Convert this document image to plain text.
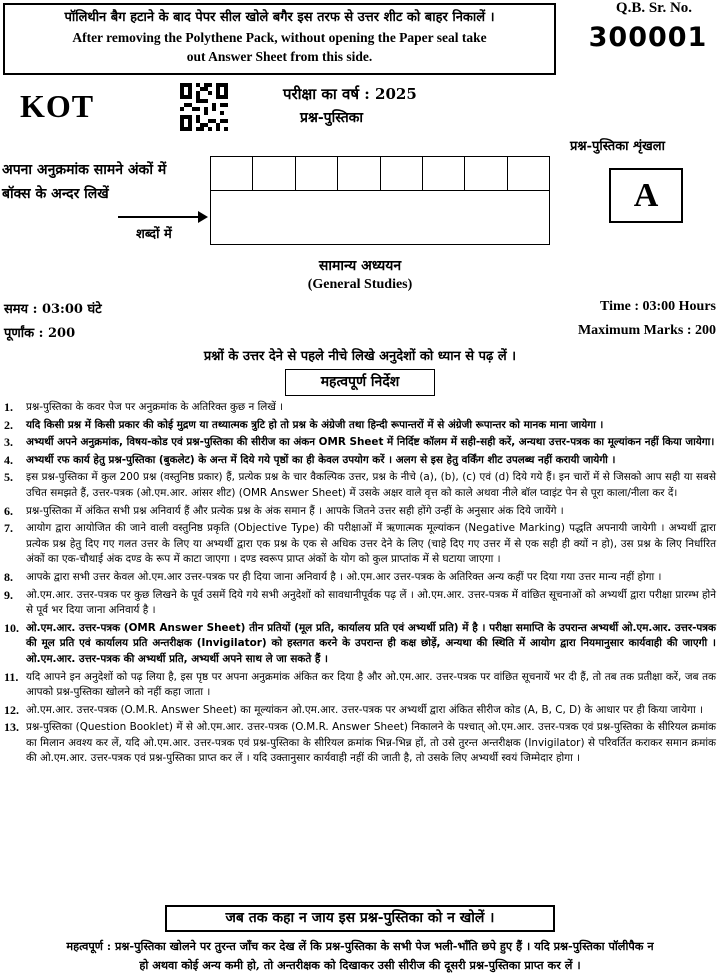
पॉलिथीन बैग हटाने के बाद पेपर सील खोले बगैर इस तरफ से उत्तर शीट को बाहर निकालें ।
After removing the Polythene Pack, without opening the Paper seal take
out Answer Sheet from this side.
Q.B. Sr. No.
300001
KOT	परीक्षा का वर्ष : 2025
प्रश्न-पुस्तिका
प्रश्न-पुस्तिका शृंखला
A
अपना अनुक्रमांक सामने अंकों में
बॉक्स के अन्दर लिखें
शब्दों में
सामान्य अध्ययन
(General Studies)
समय : 03:00 घंटे
पूर्णांक : 200
Time : 03:00 Hours
Maximum Marks : 200
प्रश्नों के उत्तर देने से पहले नीचे लिखे अनुदेशों को ध्यान से पढ़ लें ।
महत्वपूर्ण निर्देश
1.	प्रश्न-पुस्तिका के कवर पेज पर अनुक्रमांक के अतिरिक्त कुछ न लिखें ।
2.	यदि किसी प्रश्न में किसी प्रकार की कोई मुद्रण या तथ्यात्मक त्रुटि हो तो प्रश्न के अंग्रेजी तथा हिन्दी रूपान्तरों में से अंग्रेजी रूपान्तर को मानक माना जायेगा ।
3.	अभ्यर्थी अपने अनुक्रमांक, विषय-कोड एवं प्रश्न-पुस्तिका की सीरीज का अंकन OMR Sheet में निर्दिष्ट कॉलम में सही-सही करें, अन्यथा उत्तर-पत्रक का मूल्यांकन नहीं किया जायेगा।
4.	अभ्यर्थी रफ कार्य हेतु प्रश्न-पुस्तिका (बुकलेट) के अन्त में दिये गये पृष्ठों का ही केवल उपयोग करें । अलग से इस हेतु वर्किंग शीट उपलब्ध नहीं करायी जायेगी ।
5.	इस प्रश्न-पुस्तिका में कुल 200 प्रश्न (वस्तुनिष्ठ प्रकार) हैं, प्रत्येक प्रश्न के चार वैकल्पिक उत्तर, प्रश्न के नीचे (a), (b), (c) एवं (d) दिये गये हैं। इन चारों में से जिसको आप सही या सबसे उचित समझते हैं, उत्तर-पत्रक (ओ.एम.आर. आंसर शीट) (OMR Answer Sheet) में उसके अक्षर वाले वृत्त को काले अथवा नीले बॉल प्वाइंट पेन से पूरा काला/नीला कर दें।
6.	प्रश्न-पुस्तिका में अंकित सभी प्रश्न अनिवार्य हैं और प्रत्येक प्रश्न के अंक समान हैं । आपके जितने उत्तर सही होंगे उन्हीं के अनुसार अंक दिये जायेंगे ।
7.	आयोग द्वारा आयोजित की जाने वाली वस्तुनिष्ठ प्रकृति (Objective Type) की परीक्षाओं में ऋणात्मक मूल्यांकन (Negative Marking) पद्धति अपनायी जायेगी । अभ्यर्थी द्वारा प्रत्येक प्रश्न हेतु दिए गए गलत उत्तर के लिए या अभ्यर्थी द्वारा एक प्रश्न के एक से अधिक उत्तर देने के लिए (चाहे दिए गए उत्तर में से एक सही ही क्यों न हो), उस प्रश्न के लिए निर्धारित अंकों का एक-चौथाई अंक दण्ड के रूप में काटा जाएगा । दण्ड स्वरूप प्राप्त अंकों के योग को कुल प्राप्तांक में से घटाया जाएगा ।
8.	आपके द्वारा सभी उत्तर केवल ओ.एम.आर उत्तर-पत्रक पर ही दिया जाना अनिवार्य है । ओ.एम.आर उत्तर-पत्रक के अतिरिक्त अन्य कहीं पर दिया गया उत्तर मान्य नहीं होगा ।
9.	ओ.एम.आर. उत्तर-पत्रक पर कुछ लिखने के पूर्व उसमें दिये गये सभी अनुदेशों को सावधानीपूर्वक पढ़ लें । ओ.एम.आर. उत्तर-पत्रक में वांछित सूचनाओं को अभ्यर्थी द्वारा परीक्षा प्रारम्भ होने से पूर्व भर दिया जाना अनिवार्य है ।
10. ओ.एम.आर. उत्तर-पत्रक (OMR Answer Sheet) तीन प्रतियों (मूल प्रति, कार्यालय प्रति एवं अभ्यर्थी प्रति) में है । परीक्षा समाप्ति के उपरान्त अभ्यर्थी ओ.एम.आर. उत्तर-पत्रक की मूल प्रति एवं कार्यालय प्रति अन्तरीक्षक (Invigilator) को हस्तगत करने के उपरान्त ही कक्ष छोड़ें, अन्यथा की स्थिति में आयोग द्वारा नियमानुसार कार्यवाही की जाएगी । ओ.एम.आर. उत्तर-पत्रक की अभ्यर्थी प्रति, अभ्यर्थी अपने साथ ले जा सकते हैं ।
11. यदि आपने इन अनुदेशों को पढ़ लिया है, इस पृष्ठ पर अपना अनुक्रमांक अंकित कर दिया है और ओ.एम.आर. उत्तर-पत्रक पर वांछित सूचनायें भर दी हैं, तो तब तक प्रतीक्षा करें, जब तक आपको प्रश्न-पुस्तिका खोलने को नहीं कहा जाता ।
12. ओ.एम.आर. उत्तर-पत्रक (O.M.R. Answer Sheet) का मूल्यांकन ओ.एम.आर. उत्तर-पत्रक पर अभ्यर्थी द्वारा अंकित सीरीज कोड (A, B, C, D) के आधार पर ही किया जायेगा ।
13. प्रश्न-पुस्तिका (Question Booklet) में से ओ.एम.आर. उत्तर-पत्रक (O.M.R. Answer Sheet) निकालने के पश्चात् ओ.एम.आर. उत्तर-पत्रक एवं प्रश्न-पुस्तिका के सीरियल क्रमांक का मिलान अवश्य कर लें, यदि ओ.एम.आर. उत्तर-पत्रक एवं प्रश्न-पुस्तिका के सीरियल क्रमांक भिन्न-भिन्न हों, तो उसे तुरन्त अन्तरीक्षक (Invigilator) से परिवर्तित कराकर समान क्रमांक की ओ.एम.आर. उत्तर-पत्रक एवं प्रश्न-पुस्तिका प्राप्त कर लें । यदि उक्तानुसार कार्यवाही नहीं की जाती है, तो उसके लिए अभ्यर्थी स्वयं जिम्मेदार होगा ।
जब तक कहा न जाय इस प्रश्न-पुस्तिका को न खोलें ।
महत्वपूर्ण : प्रश्न-पुस्तिका खोलने पर तुरन्त जाँच कर देख लें कि प्रश्न-पुस्तिका के सभी पेज भली-भाँति छपे हुए हैं । यदि प्रश्न-पुस्तिका पॉलीपैक न
हो अथवा कोई अन्य कमी हो, तो अन्तरीक्षक को दिखाकर उसी सीरीज की दूसरी प्रश्न-पुस्तिका प्राप्त कर लें ।
